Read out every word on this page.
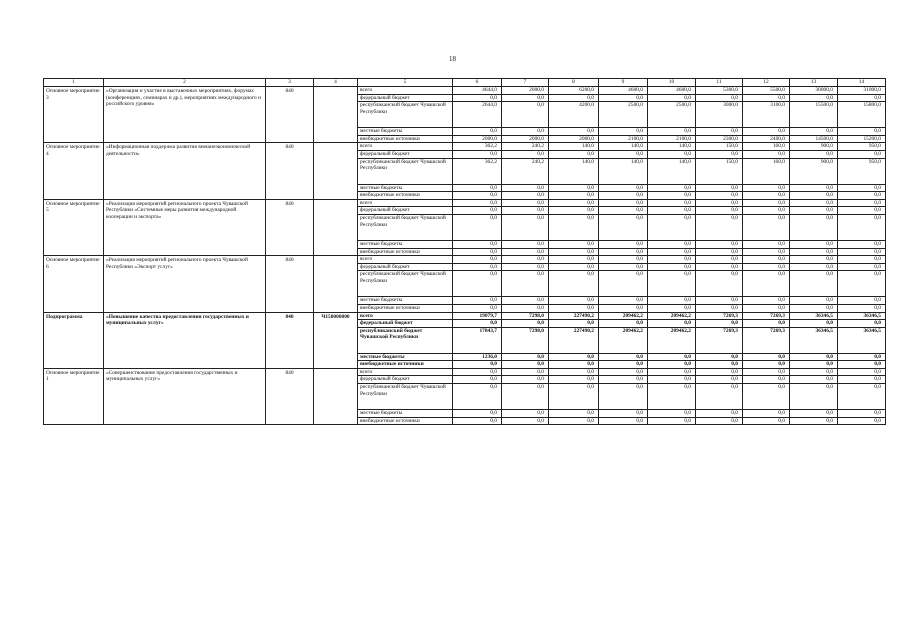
18
1	2	3	4	5	6	7	8	9	10	11	12	13	14
Основное мероприятие 3	«Организация и участие в выставочных мероприятиях, форумах (конференциях, семинарах и др.), мероприятиях международного и российского уровня»	840		всего	4644,0	2000,0	6200,0	4600,0	4600,0	5300,0	5500,0	30000,0	31000,0
				федеральный бюджет	0,0	0,0	0,0	0,0	0,0	0,0	0,0	0,0	0,0
				республиканский бюджет Чувашской Республики	2644,0	0,0	4200,0	2500,0	2500,0	3000,0	3100,0	15500,0	15800,0
				местные бюджеты	0,0	0,0	0,0	0,0	0,0	0,0	0,0	0,0	0,0
				внебюджетные источники	2000,0	2000,0	2000,0	2100,0	2100,0	2300,0	2400,0	14500,0	15200,0
Основное мероприятие 4	«Информационная поддержка развития внешнеэкономической деятельности»	840		всего	362,2	240,2	140,0	140,0	140,0	150,0	160,0	900,0	950,0
				федеральный бюджет	0,0	0,0	0,0	0,0	0,0	0,0	0,0	0,0	0,0
				республиканский бюджет Чувашской Республики	362,2	240,2	140,0	140,0	140,0	150,0	160,0	900,0	950,0
				местные бюджеты	0,0	0,0	0,0	0,0	0,0	0,0	0,0	0,0	0,0
				внебюджетные источники	0,0	0,0	0,0	0,0	0,0	0,0	0,0	0,0	0,0
Основное мероприятие 5	«Реализация мероприятий регионального проекта Чувашской Республики «Системные меры развития международной кооперации и экспорта»	840		всего	0,0	0,0	0,0	0,0	0,0	0,0	0,0	0,0	0,0
				федеральный бюджет	0,0	0,0	0,0	0,0	0,0	0,0	0,0	0,0	0,0
				республиканский бюджет Чувашской Республики	0,0	0,0	0,0	0,0	0,0	0,0	0,0	0,0	0,0
				местные бюджеты	0,0	0,0	0,0	0,0	0,0	0,0	0,0	0,0	0,0
				внебюджетные источники	0,0	0,0	0,0	0,0	0,0	0,0	0,0	0,0	0,0
Основное мероприятие 6	«Реализация мероприятий регионального проекта Чувашской Республики «Экспорт услуг»	840		всего	0,0	0,0	0,0	0,0	0,0	0,0	0,0	0,0	0,0
				федеральный бюджет	0,0	0,0	0,0	0,0	0,0	0,0	0,0	0,0	0,0
				республиканский бюджет Чувашской Республики	0,0	0,0	0,0	0,0	0,0	0,0	0,0	0,0	0,0
				местные бюджеты	0,0	0,0	0,0	0,0	0,0	0,0	0,0	0,0	0,0
				внебюджетные источники	0,0	0,0	0,0	0,0	0,0	0,0	0,0	0,0	0,0
Подпрограмма	«Повышение качества предоставления государственных и муниципальных услуг»	840	Ч150000000	всего	19079,7	7298,0	227490,2	209462,2	209462,2	7269,3	7269,3	36346,5	36346,5
				федеральный бюджет	0,0	0,0	0,0	0,0	0,0	0,0	0,0	0,0	0,0
				республиканский бюджет Чувашской Республики	17843,7	7298,0	227490,2	209462,2	209462,2	7269,3	7269,3	36346,5	36346,5
				местные бюджеты	1236,0	0,0	0,0	0,0	0,0	0,0	0,0	0,0	0,0
				внебюджетные источники	0,0	0,0	0,0	0,0	0,0	0,0	0,0	0,0	0,0
Основное мероприятие 1	«Совершенствование предоставления государственных и муниципальных услуг»	840		всего	0,0	0,0	0,0	0,0	0,0	0,0	0,0	0,0	0,0
				федеральный бюджет	0,0	0,0	0,0	0,0	0,0	0,0	0,0	0,0	0,0
				республиканский бюджет Чувашской Республики	0,0	0,0	0,0	0,0	0,0	0,0	0,0	0,0	0,0
				местные бюджеты	0,0	0,0	0,0	0,0	0,0	0,0	0,0	0,0	0,0
				внебюджетные источники	0,0	0,0	0,0	0,0	0,0	0,0	0,0	0,0	0,0
